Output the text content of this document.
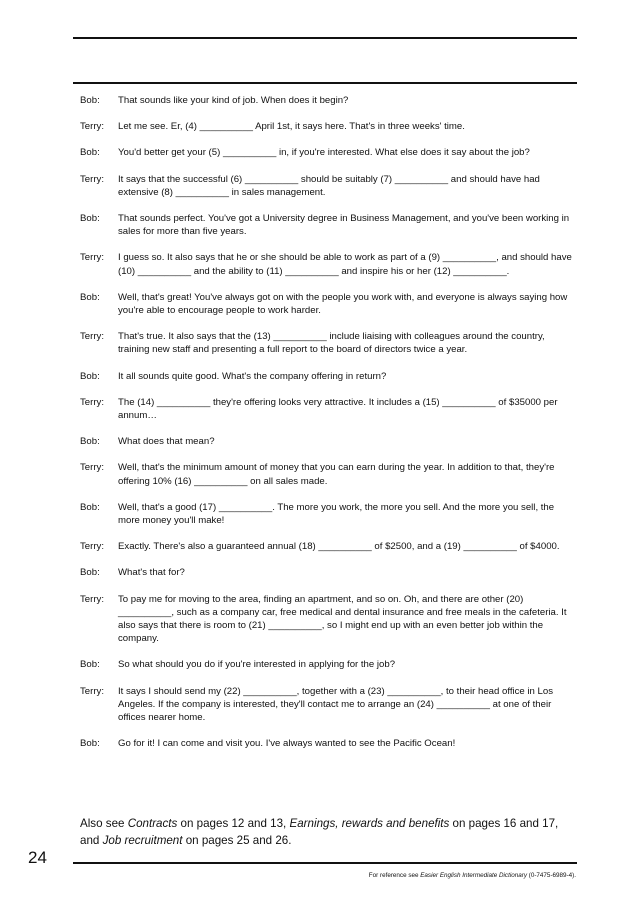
Bob:	That sounds like your kind of job. When does it begin?
Terry:	Let me see. Er, (4) __________ April 1st, it says here. That's in three weeks' time.
Bob:	You'd better get your (5) __________ in, if you're interested. What else does it say about the job?
Terry:	It says that the successful (6) __________ should be suitably (7) __________ and should have had extensive (8) __________ in sales management.
Bob:	That sounds perfect. You've got a University degree in Business Management, and you've been working in sales for more than five years.
Terry:	I guess so. It also says that he or she should be able to work as part of a (9) __________, and should have (10) __________ and the ability to (11) __________ and inspire his or her (12) __________.
Bob:	Well, that's great! You've always got on with the people you work with, and everyone is always saying how you're able to encourage people to work harder.
Terry:	That's true. It also says that the (13) __________ include liaising with colleagues around the country, training new staff and presenting a full report to the board of directors twice a year.
Bob:	It all sounds quite good. What's the company offering in return?
Terry:	The (14) __________ they're offering looks very attractive. It includes a (15) __________ of $35000 per annum…
Bob:	What does that mean?
Terry:	Well, that's the minimum amount of money that you can earn during the year. In addition to that, they're offering 10% (16) __________ on all sales made.
Bob:	Well, that's a good (17) __________. The more you work, the more you sell. And the more you sell, the more money you'll make!
Terry:	Exactly. There's also a guaranteed annual (18) __________ of $2500, and a (19) __________ of $4000.
Bob:	What's that for?
Terry:	To pay me for moving to the area, finding an apartment, and so on. Oh, and there are other (20) __________, such as a company car, free medical and dental insurance and free meals in the cafeteria. It also says that there is room to (21) __________, so I might end up with an even better job within the company.
Bob:	So what should you do if you're interested in applying for the job?
Terry:	It says I should send my (22) __________, together with a (23) __________, to their head office in Los Angeles. If the company is interested, they'll contact me to arrange an (24) __________ at one of their offices nearer home.
Bob:	Go for it! I can come and visit you. I've always wanted to see the Pacific Ocean!
Also see Contracts on pages 12 and 13, Earnings, rewards and benefits on pages 16 and 17, and Job recruitment on pages 25 and 26.
24
For reference see Easier English Intermediate Dictionary (0-7475-6989-4).
